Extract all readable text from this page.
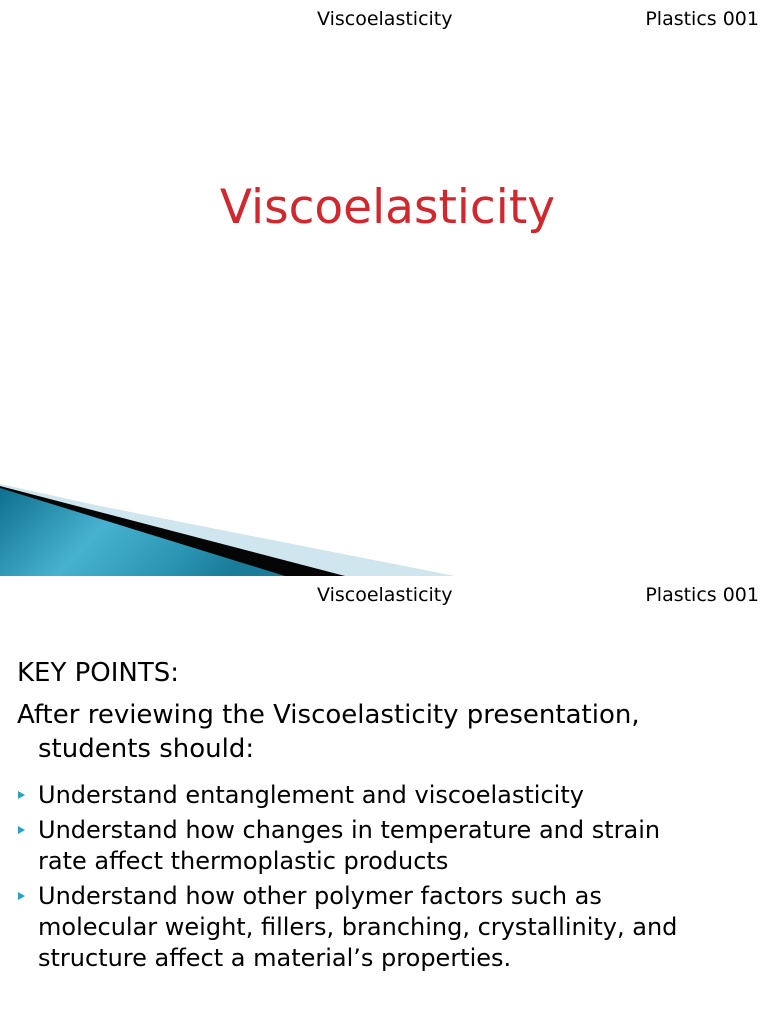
Viscoelasticity	Plastics 001
Viscoelasticity
Viscoelasticity	Plastics 001
KEY POINTS:
After reviewing the Viscoelasticity presentation,
students should:
Understand entanglement and viscoelasticity
Understand how changes in temperature and strain
rate affect thermoplastic products
Understand how other polymer factors such as
molecular weight, fillers, branching, crystallinity, and
structure affect a material’s properties.
